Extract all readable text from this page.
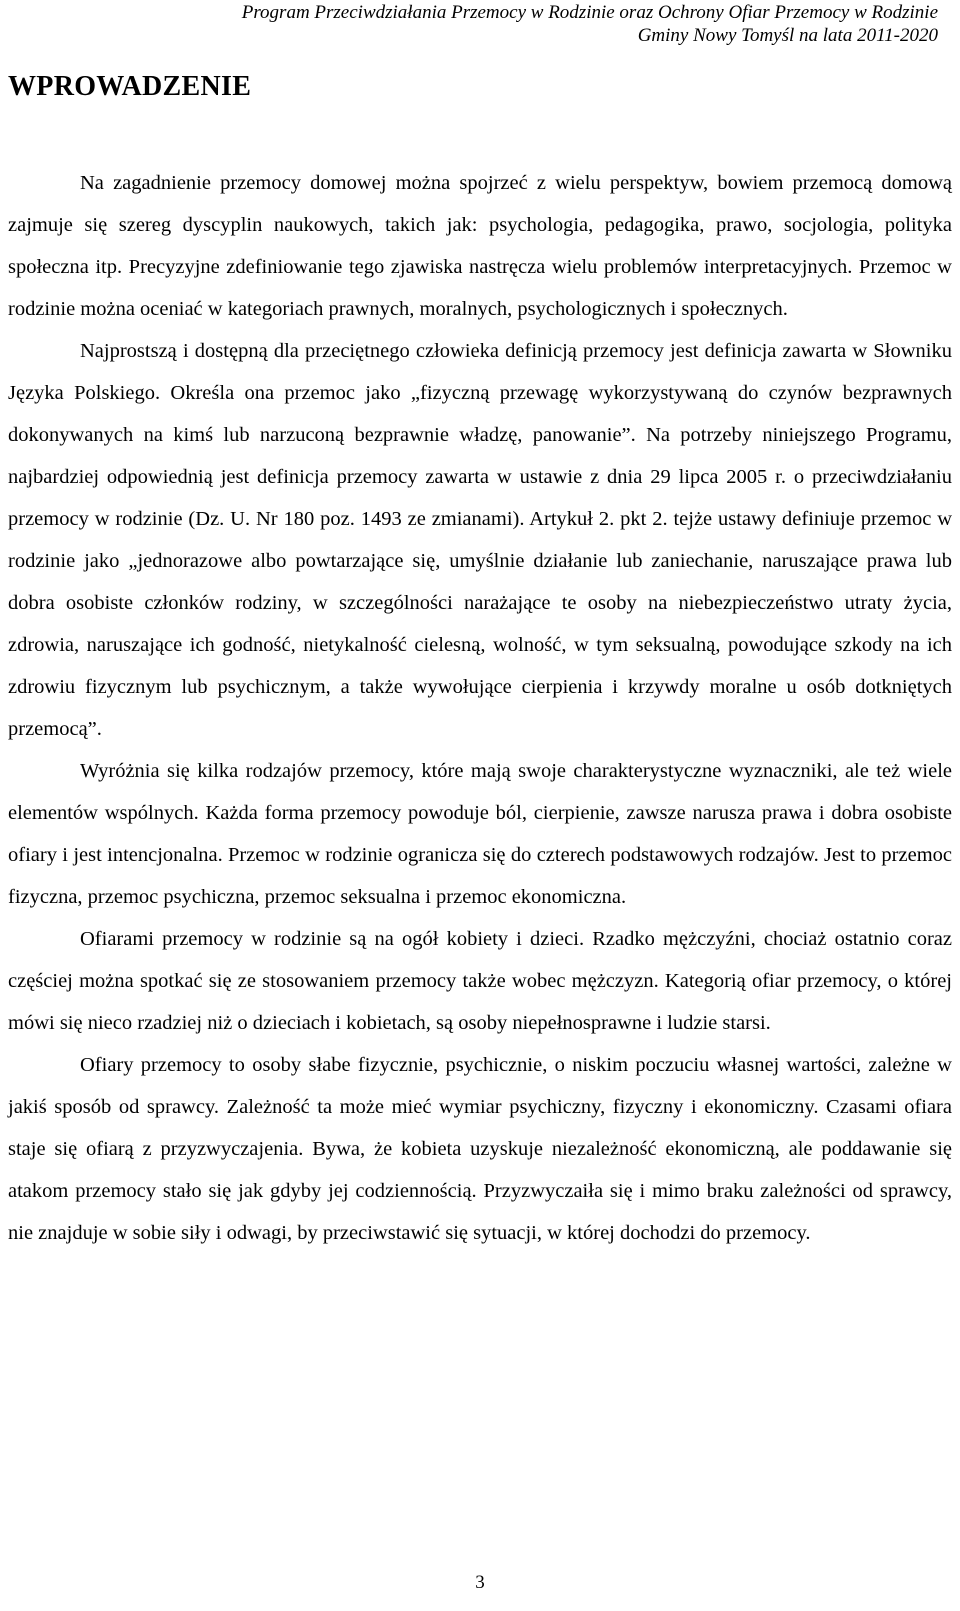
Program Przeciwdziałania Przemocy w Rodzinie oraz Ochrony Ofiar Przemocy w Rodzinie
Gminy Nowy Tomyśl na lata 2011-2020
WPROWADZENIE

Na zagadnienie przemocy domowej można spojrzeć z wielu perspektyw, bowiem przemocą domową zajmuje się szereg dyscyplin naukowych, takich jak: psychologia, pedagogika, prawo, socjologia, polityka społeczna itp. Precyzyjne zdefiniowanie tego zjawiska nastręcza wielu problemów interpretacyjnych. Przemoc w rodzinie można oceniać w kategoriach prawnych, moralnych, psychologicznych i społecznych.

Najprostszą i dostępną dla przeciętnego człowieka definicją przemocy jest definicja zawarta w Słowniku Języka Polskiego. Określa ona przemoc jako „fizyczną przewagę wykorzystywaną do czynów bezprawnych dokonywanych na kimś lub narzuconą bezprawnie władzę, panowanie”. Na potrzeby niniejszego Programu, najbardziej odpowiednią jest definicja przemocy zawarta w ustawie z dnia 29 lipca 2005 r. o przeciwdziałaniu przemocy w rodzinie (Dz. U. Nr 180 poz. 1493 ze zmianami). Artykuł 2. pkt 2. tejże ustawy definiuje przemoc w rodzinie jako „jednorazowe albo powtarzające się, umyślnie działanie lub zaniechanie, naruszające prawa lub dobra osobiste członków rodziny, w szczególności narażające te osoby na niebezpieczeństwo utraty życia, zdrowia, naruszające ich godność, nietykalność cielesną, wolność, w tym seksualną, powodujące szkody na ich zdrowiu fizycznym lub psychicznym, a także wywołujące cierpienia i krzywdy moralne u osób dotkniętych przemocą”.

Wyróżnia się kilka rodzajów przemocy, które mają swoje charakterystyczne wyznaczniki, ale też wiele elementów wspólnych. Każda forma przemocy powoduje ból, cierpienie, zawsze narusza prawa i dobra osobiste ofiary i jest intencjonalna. Przemoc w rodzinie ogranicza się do czterech podstawowych rodzajów. Jest to przemoc fizyczna, przemoc psychiczna, przemoc seksualna i przemoc ekonomiczna.

Ofiarami przemocy w rodzinie są na ogół kobiety i dzieci. Rzadko mężczyźni, chociaż ostatnio coraz częściej można spotkać się ze stosowaniem przemocy także wobec mężczyzn. Kategorią ofiar przemocy, o której mówi się nieco rzadziej niż o dzieciach i kobietach, są osoby niepełnosprawne i ludzie starsi.

Ofiary przemocy to osoby słabe fizycznie, psychicznie, o niskim poczuciu własnej wartości, zależne w jakiś sposób od sprawcy. Zależność ta może mieć wymiar psychiczny, fizyczny i ekonomiczny. Czasami ofiara staje się ofiarą z przyzwyczajenia. Bywa, że kobieta uzyskuje niezależność ekonomiczną, ale poddawanie się atakom przemocy stało się jak gdyby jej codziennością. Przyzwyczaiła się i mimo braku zależności od sprawcy, nie znajduje w sobie siły i odwagi, by przeciwstawić się sytuacji, w której dochodzi do przemocy.

3
